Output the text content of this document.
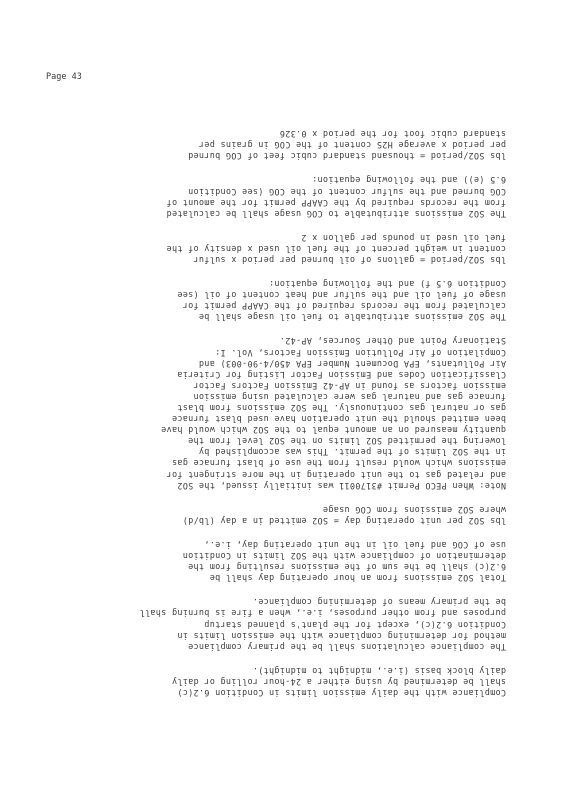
Page 43
Compliance with the daily emission limits in Condition 6.2(c)
shall be determined by using either a 24-hour rolling or daily
daily block basis (i.e., midnight to midnight).
The compliance calculations shall be the primary compliance
method for determining compliance with the emission limits in
Condition 6.2(c), except for the plant's planned startup
purposes and from other purposes, i.e., when a fire is burning shall
be the primary means of determining compliance.
Total SO2 emissions from an hour operating day shall be
6.2(c) shall be the sum of the emissions resulting from the
determination of compliance with the SO2 limits in Condition
use of COG and fuel oil in the unit operating day, i.e.,
lbs SO2 per unit operating day = SO2 emitted in a day (lb/d)
where SO2 emissions from COG usage
Note: When PECO Permit #3170011 was initially issued, the SO2
and related gas to the unit operating in the more stringent for
emissions which would result from the use of blast furnace gas
in the SO2 limits of the permit. This was accomplished by
lowering the permitted SO2 limits on the SO2 level from the
quantity measured on an amount equal to the SO2 which would have
been emitted should the unit operation have used blast furnace
gas or natural gas continuously. The SO2 emissions from blast
furnace gas and natural gas were calculated using emission
emission factors as found in AP-42 Emission Factors Factor
Classification Codes and Emission Factor Listing for Criteria
Air Pollutants, EPA Document Number EPA 450/4-90-003) and
Compilation of Air Pollution Emission Factors, Vol. I:
Stationary Point and Other Sources, AP-42.
The SO2 emissions attributable to fuel oil usage shall be
calculated from the records required of the CAAPP permit for
usage of fuel oil and the sulfur and heat content of oil (see
Condition 6.5 f) and the following equation:
lbs SO2/period = gallons of oil burned per period x sulfur
content in weight percent of the fuel oil used x density of the
fuel oil used in pounds per gallon x 2
The SO2 emissions attributable to COG usage shall be calculated
from the records required by the CAAPP permit for the amount of
COG burned and the sulfur content of the COG (see Condition
6.5 (e)) and the following equation:
lbs SO2/period = thousand standard cubic feet of COG burned
per period x average H2S content of the COG in grains per
standard cubic foot for the period x 0.326
